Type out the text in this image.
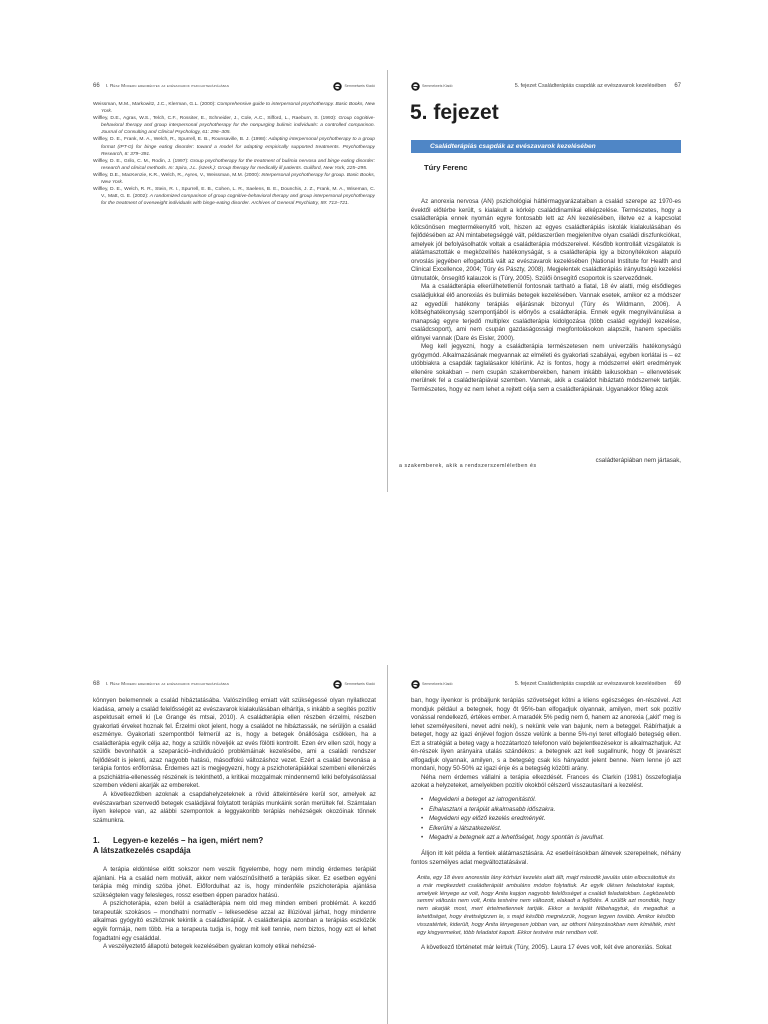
66 I. Rész Modern eredmények az evészavarok pszichoterápiájában	Semmelweis Kiadó
Weissman, M.M., Markowitz, J.C., Klerman, G.L. (2000): Comprehensive guide to interpersonal psychotherapy. Basic Books, New York.
Wilfley, D.E., Agras, W.S., Telch, C.F., Rossiter, E., Schneider, J., Cole, A.C., Sifford, L., Raeburn, S. (1993): Group cognitive-behavioral therapy and group interpersonal psychotherapy for the nonpurging bulimic individuals: a controlled comparison. Journal of Consulting and Clinical Psychology, 61: 296–305.
Wilfley, D. E., Frank, M. A., Welch, R., Spurrell, E. B., Rounsaville, B. J. (1998): Adapting interpersonal psychotherapy to a group format (IPT-G) for binge eating disorder: toward a model for adapting empirically supported treatments. Psychotherapy Research, 8: 379–391.
Wilfley, D. E., Grilo, C. M., Rodin, J. (1997): Group psychotherapy for the treatment of bulimia nervosa and binge eating disorder: research and clinical methods. In: Spira, J.L. (szerk.): Group therapy for medically ill patients. Guilford, New York, 225–295.
Wilfley, D.E., MacKenzie, K.R., Welch, R., Ayres, V., Weissman, M.M. (2000): Interpersonal psychotherapy for group. Basic Books, New York.
Wilfley, D. E., Welch, R. R., Stein, R. I., Spurrell, E. B., Cohen, L. R., Saelens, B. E., Dounchis, J. Z., Frank, M. A., Wiseman, C. V., Matt, G. E. (2002): A randomized comparison of group cognitive-behavioral therapy and group interpersonal psychotherapy for the treatment of overweight individuals with binge-eating disorder. Archives of General Psychiatry, 59: 713–721.
Semmelweis Kiadó	5. fejezet Családterápiás csapdák az evészavarok kezelésében 67
5. fejezet
Családterápiás csapdák az evészavarok kezelésében
Túry Ferenc

Az anorexia nervosa (AN) pszichológiai háttérmagyarázataiban a család szerepe az 1970-es évektől előtérbe került, s kialakult a kórkép családdinamikai elképzelése. Természetes, hogy a családterápia ennek nyomán egyre fontosabb lett az AN kezelésében, illetve ez a kapcsolat kölcsönösen megtermékenyítő volt, hiszen az egyes családterápiás iskolák kialakulásában és fejlődésében az AN mintabetegséggé vált, példaszerűen megjelenítve olyan családi diszfunkciókat, amelyek jól befolyásolhatók voltak a családterápia módszereivel. Később kontrollált vizsgálatok is alátámasztották e megközelítés hatékonyságát, s a családterápia így a bizonyítékokon alapuló orvoslás jegyében elfogadottá vált az evészavarok kezelésében (National Institute for Health and Clinical Excellence, 2004; Túry és Pászty, 2008). Megjelentek családterápiás irányultságú kezelési útmutatók, önsegítő kalauzok is (Túry, 2005). Szülői önsegítő csoportok is szerveződnek.

Ma a családterápia elkerülhetetlenül fontosnak tartható a fiatal, 18 év alatti, még elsődleges családjukkal élő anorexiás és bulimiás betegek kezelésében. Vannak esetek, amikor ez a módszer az egyedüli hatékony terápiás eljárásnak bizonyul (Túry és Wildmann, 2006). A költséghatékonyság szempontjából is előnyös a családterápia. Ennek egyik megnyilvánulása a manapság egyre terjedő multiplex családterápia kidolgozása (több család egyidejű kezelése, családcsoport), ami nem csupán gazdaságossági megfontolásokon alapszik, hanem speciális előnyei vannak (Dare és Eisler, 2000).

Meg kell jegyezni, hogy a családterápia természetesen nem univerzális hatékonyságú gyógymód. Alkalmazásának megvannak az elméleti és gyakorlati szabályai, egyben korlátai is – ez utóbbiakra a csapdák taglalásakor kitérünk. Az is fontos, hogy a módszerrel elért eredmények ellenére sokakban – nem csupán szakemberekben, hanem inkább laikusokban – ellenvetések merülnek fel a családterápiával szemben. Vannak, akik a családot hibáztató módszernek tartják. Természetes, hogy ez nem lehet a rejtett célja sem a családterápiának. Ugyanakkor főleg azok

családterápiában nem jártasak,
a szakemberek, akik a rendszerszemléletben és
68 I. Rész Modern eredmények az evészavarok pszichoterápiájában	Semmelweis Kiadó

könnyen belemennek a család hibáztatásába. Valószínűleg emiatt vált szükségessé olyan nyilatkozat kiadása, amely a család felelősségét az evészavarok kialakulásában elhárítja, s inkább a segítés pozitív aspektusait emeli ki (Le Grange és mtsai, 2010). A családterápia ellen részben érzelmi, részben gyakorlati érveket hoznak fel. Érzelmi okot jelent, hogy a családot ne hibáztassák, ne sérüljön a család eszménye. Gyakorlati szempontból felmerül az is, hogy a betegek önállósága csökken, ha a családterápia egyik célja az, hogy a szülők növeljék az evés fölötti kontrollt. Ezen érv ellen szól, hogy a szülők bevonhatók a szeparáció–individuáció problémáinak kezelésébe, ami a családi rendszer fejlődését is jelenti, azaz nagyobb hatású, másodfokú változáshoz vezet. Ezért a család bevonása a terápia fontos erőforrása. Érdemes azt is megjegyezni, hogy a pszichoterápiákkal szembeni ellenérzés a pszichiátria-ellenesség részének is tekinthető, a kritikai mozgalmak mindennemű lelki befolyásolással szemben védeni akarják az embereket.

A következőkben azoknak a csapdahelyzeteknek a rövid áttekintésére kerül sor, amelyek az evészavarban szenvedő betegek családjával folytatott terápiás munkáink során merültek fel. Számtalan ilyen kelepce van, az alábbi szempontok a leggyakoribb terápiás nehézségek okozóinak tűnnek számunkra.

1. Legyen-e kezelés – ha igen, miért nem?
A látszatkezelés csapdája

A terápia eldöntése előtt sokszor nem veszik figyelembe, hogy nem mindig érdemes terápiát ajánlani. Ha a család nem motivált, akkor nem valószínűsíthető a terápiás siker. Ez esetben egyéni terápia még mindig szóba jöhet. Előfordulhat az is, hogy mindenféle pszichoterápia ajánlása szükségtelen vagy felesleges, rossz esetben éppen paradox hatású.

A pszichoterápia, ezen belül a családterápia nem old meg minden emberi problémát. A kezdő terapeuták szokásos – mondhatni normatív – lelkesedése azzal az illúzióval járhat, hogy mindenre alkalmas gyógyító eszköznek tekintik a családterápiát. A családterápia azonban a terápiás eszközök egyik formája, nem több. Ha a terapeuta tudja is, hogy mit kell tennie, nem biztos, hogy ezt el lehet fogadtatni egy családdal.

A veszélyeztető állapotú betegek kezelésében gyakran komoly etikai nehézsé-

Semmelweis Kiadó	5. fejezet Családterápiás csapdák az evészavarok kezelésében 69

ban, hogy ilyenkor is próbáljunk terápiás szövetséget kötni a kliens egészséges én-részével. Azt mondjuk például a betegnek, hogy őt 95%-ban elfogadjuk olyannak, amilyen, mert sok pozitív vonással rendelkező, értékes ember. A maradék 5% pedig nem ő, hanem az anorexia („akit” meg is lehet személyesíteni, nevet adni neki), s nekünk vele van bajunk, nem a beteggel. Rábírhatjuk a beteget, hogy az igazi énjével fogjon össze velünk a benne 5%-nyi teret elfoglaló betegség ellen. Ezt a stratégiát a beteg vagy a hozzátartozó telefonon való bejelentkezésekor is alkalmazhatjuk. Az én-részek ilyen arányaira utalás szándékos: a betegnek azt kell sugallnunk, hogy őt javarészt elfogadjuk olyannak, amilyen, s a betegség csak kis hányadot jelent benne. Nem lenne jó azt mondani, hogy 50-50% az igazi énje és a betegség közötti arány.

Néha nem érdemes vállalni a terápia elkezdését. Frances és Clarkin (1981) összefoglalja azokat a helyzeteket, amelyekben pozitív okokból célszerű visszautasítani a kezelést.

• Megvédeni a beteget az iatrogenitástól.
• Elhalasztani a terápiát alkalmasabb időszakra.
• Megvédeni egy előző kezelés eredményét.
• Elkerülni a látszatkezelést.
• Megadni a betegnek azt a lehetőséget, hogy spontán is javulhat.

Álljon itt két példa a fentiek alátámasztására. Az esetleírásokban álnevek szerepelnek, néhány fontos személyes adat megváltoztatásával.

Anita, egy 18 éves anorexiás lány kórházi kezelés alatt állt, majd második javulás után elbocsátottuk és a már megkezdett családterápiát ambuláns módon folytattuk. Az egyik ülésen feladatokat kaptak, amelyek lényege az volt, hogy Anita kapjon nagyobb felelősséget a családi feladatokban. Legközelebb semmi változás nem volt, Anita testvére nem változott, elakadt a fejlődés. A szülők azt mondták, hogy nem akarják most, mert értelmetlennek tartják. Ekkor a terápiát félbehagytuk, és megadtuk a lehetőséget, hogy érettségizzen le, s majd később megnézzük, hogyan legyen tovább. Amikor később visszatértek, kiderült, hogy Anita lényegesen jobban van, az otthoni hiányzásokban nem kímélték, mint egy kisgyermeket, több feladatot kapott. Ekkor testvére már rendben volt.

A következő történetet már leírtuk (Túry, 2005). Laura 17 éves volt, két éve anorexiás. Sokat
